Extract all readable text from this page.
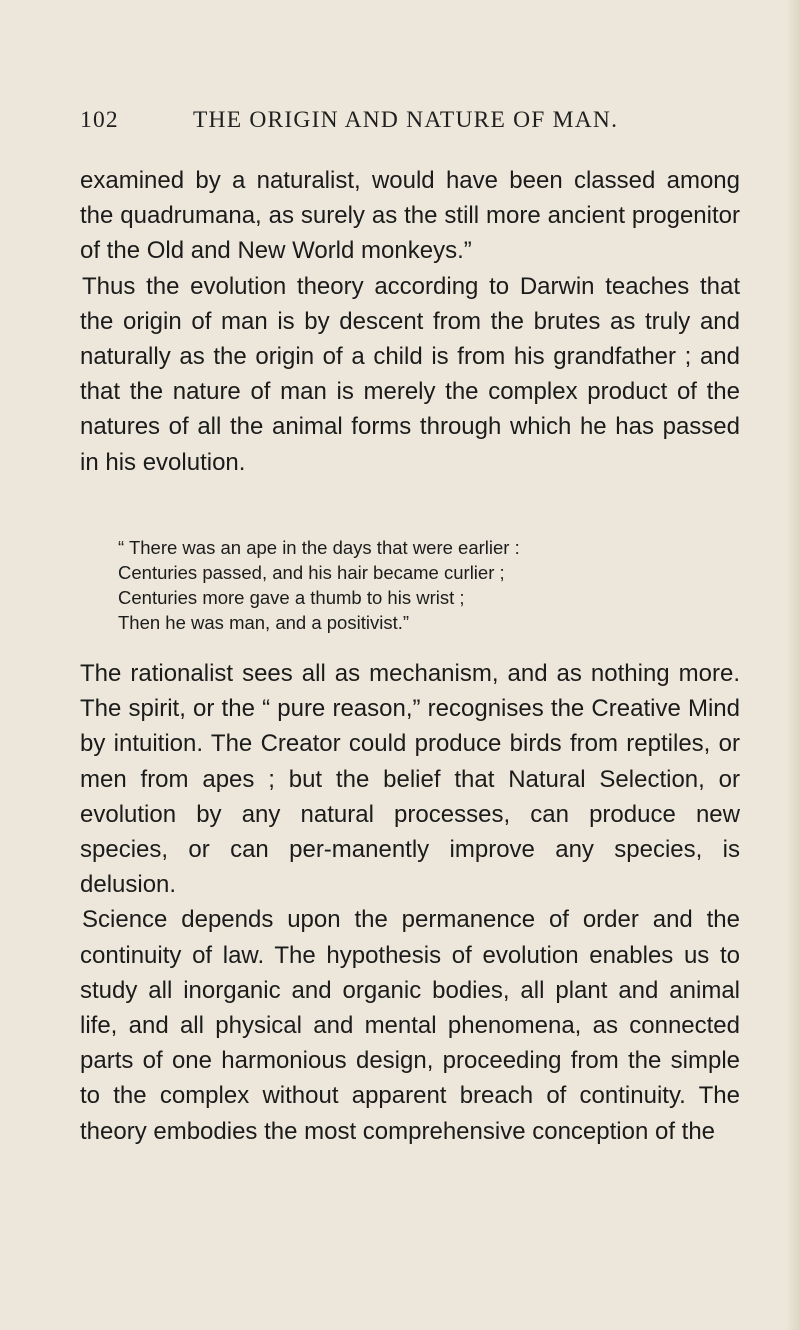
102	THE ORIGIN AND NATURE OF MAN.

examined by a naturalist, would have been classed among the quadrumana, as surely as the still more ancient progenitor of the Old and New World monkeys.”

Thus the evolution theory according to Darwin teaches that the origin of man is by descent from the brutes as truly and naturally as the origin of a child is from his grandfather ; and that the nature of man is merely the complex product of the natures of all the animal forms through which he has passed in his evolution.

“ There was an ape in the days that were earlier :
Centuries passed, and his hair became curlier ;
Centuries more gave a thumb to his wrist ;
Then he was man, and a positivist.”

The rationalist sees all as mechanism, and as nothing more. The spirit, or the “ pure reason,” recognises the Creative Mind by intuition. The Creator could produce birds from reptiles, or men from apes ; but the belief that Natural Selection, or evolution by any natural processes, can produce new species, or can per-manently improve any species, is delusion.

Science depends upon the permanence of order and the continuity of law. The hypothesis of evolution enables us to study all inorganic and organic bodies, all plant and animal life, and all physical and mental phenomena, as connected parts of one harmonious design, proceeding from the simple to the complex without apparent breach of continuity. The theory embodies the most comprehensive conception of the
